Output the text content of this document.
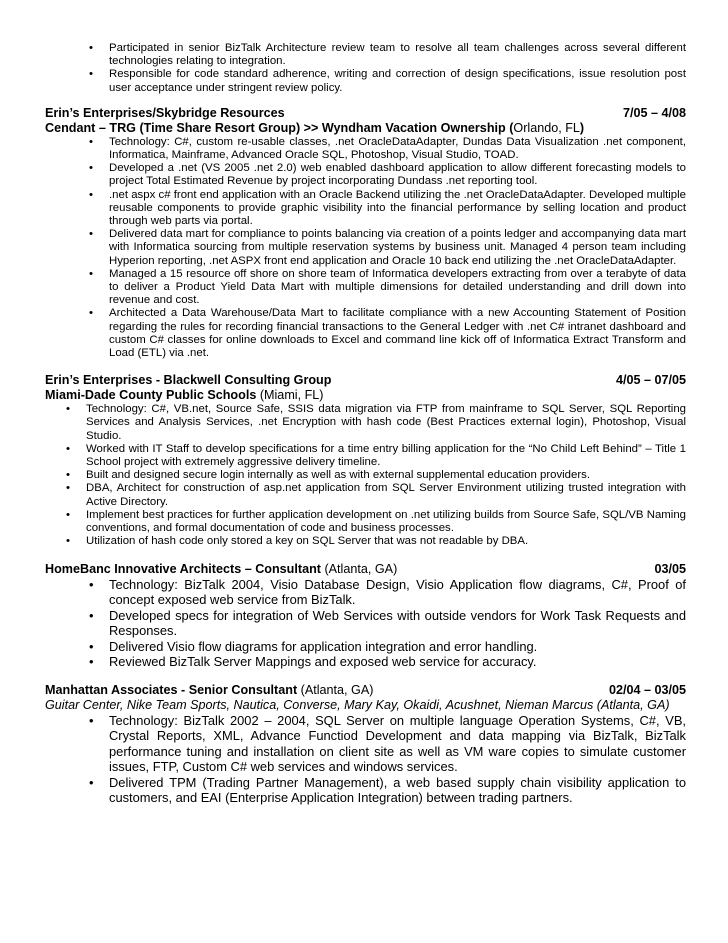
• Participated in senior BizTalk Architecture review team to resolve all team challenges across several different technologies relating to integration.
• Responsible for code standard adherence, writing and correction of design specifications, issue resolution post user acceptance under stringent review policy.
Erin’s Enterprises/Skybridge Resources	7/05 – 4/08
Cendant – TRG (Time Share Resort Group) >> Wyndham Vacation Ownership (Orlando, FL)
• Technology: C#, custom re-usable classes, .net OracleDataAdapter, Dundas Data Visualization .net component, Informatica, Mainframe, Advanced Oracle SQL, Photoshop, Visual Studio, TOAD.
• Developed a .net (VS 2005 .net 2.0) web enabled dashboard application to allow different forecasting models to project Total Estimated Revenue by project incorporating Dundass .net reporting tool.
• .net aspx c# front end application with an Oracle Backend utilizing the .net OracleDataAdapter. Developed multiple reusable components to provide graphic visibility into the financial performance by selling location and product through web parts via portal.
• Delivered data mart for compliance to points balancing via creation of a points ledger and accompanying data mart with Informatica sourcing from multiple reservation systems by business unit. Managed 4 person team including Hyperion reporting, .net ASPX front end application and Oracle 10 back end utilizing the .net OracleDataAdapter.
• Managed a 15 resource off shore on shore team of Informatica developers extracting from over a terabyte of data to deliver a Product Yield Data Mart with multiple dimensions for detailed understanding and drill down into revenue and cost.
• Architected a Data Warehouse/Data Mart to facilitate compliance with a new Accounting Statement of Position regarding the rules for recording financial transactions to the General Ledger with .net C# intranet dashboard and custom C# classes for online downloads to Excel and command line kick off of Informatica Extract Transform and Load (ETL) via .net.
Erin’s Enterprises - Blackwell Consulting Group	4/05 – 07/05
Miami-Dade County Public Schools (Miami, FL)
• Technology: C#, VB.net, Source Safe, SSIS data migration via FTP from mainframe to SQL Server, SQL Reporting Services and Analysis Services, .net Encryption with hash code (Best Practices external login), Photoshop, Visual Studio.
• Worked with IT Staff to develop specifications for a time entry billing application for the “No Child Left Behind” – Title 1 School project with extremely aggressive delivery timeline.
• Built and designed secure login internally as well as with external supplemental education providers.
• DBA, Architect for construction of asp.net application from SQL Server Environment utilizing trusted integration with Active Directory.
• Implement best practices for further application development on .net utilizing builds from Source Safe, SQL/VB Naming conventions, and formal documentation of code and business processes.
• Utilization of hash code only stored a key on SQL Server that was not readable by DBA.
HomeBanc Innovative Architects – Consultant (Atlanta, GA)	03/05
• Technology: BizTalk 2004, Visio Database Design, Visio Application flow diagrams, C#, Proof of concept exposed web service from BizTalk.
• Developed specs for integration of Web Services with outside vendors for Work Task Requests and Responses.
• Delivered Visio flow diagrams for application integration and error handling.
• Reviewed BizTalk Server Mappings and exposed web service for accuracy.
Manhattan Associates - Senior Consultant (Atlanta, GA)	02/04 – 03/05
Guitar Center, Nike Team Sports, Nautica, Converse, Mary Kay, Okaidi, Acushnet, Nieman Marcus (Atlanta, GA)
• Technology: BizTalk 2002 – 2004, SQL Server on multiple language Operation Systems, C#, VB, Crystal Reports, XML, Advance Functiod Development and data mapping via BizTalk, BizTalk performance tuning and installation on client site as well as VM ware copies to simulate customer issues, FTP, Custom C# web services and windows services.
• Delivered TPM (Trading Partner Management), a web based supply chain visibility application to customers, and EAI (Enterprise Application Integration) between trading partners.
